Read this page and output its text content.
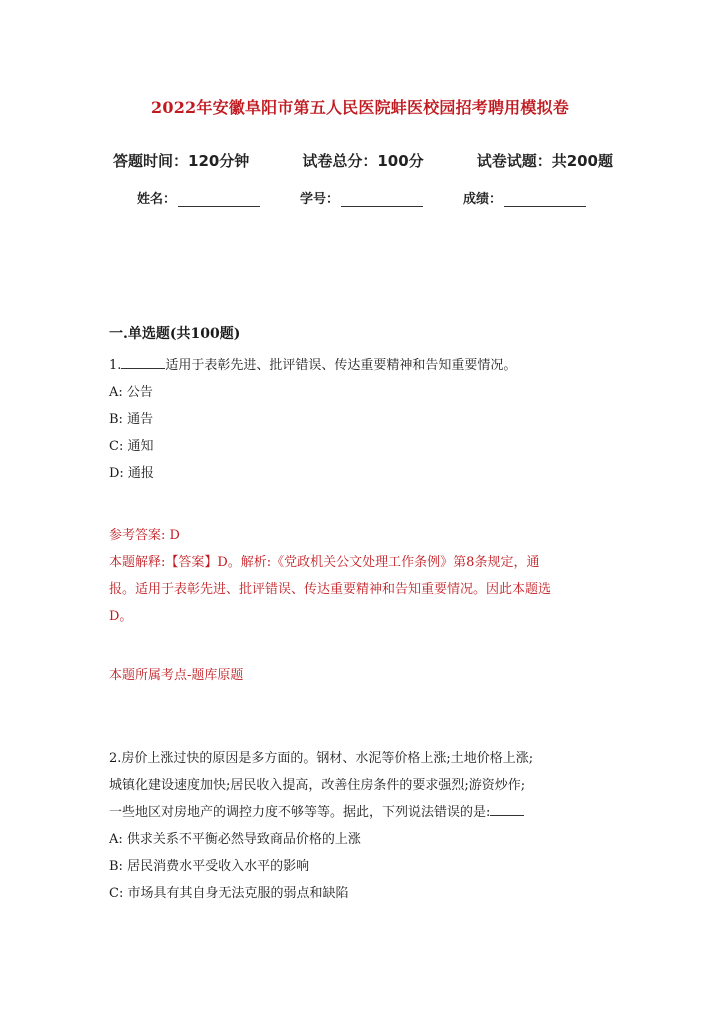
2022年安徽阜阳市第五人民医院蚌医校园招考聘用模拟卷
答题时间：120分钟	试卷总分：100分	试卷试题：共200题
姓名：	学号：	成绩：
一.单选题(共100题)
1.	适用于表彰先进、批评错误、传达重要精神和告知重要情况。
A: 公告
B: 通告
C: 通知
D: 通报
参考答案: D
本题解释:【答案】D。解析:《党政机关公文处理工作条例》第8条规定，通
报。适用于表彰先进、批评错误、传达重要精神和告知重要情况。因此本题选
D。
本题所属考点-题库原题
2.房价上涨过快的原因是多方面的。钢材、水泥等价格上涨;土地价格上涨;
城镇化建设速度加快;居民收入提高，改善住房条件的要求强烈;游资炒作;
一些地区对房地产的调控力度不够等等。据此，下列说法错误的是:
A: 供求关系不平衡必然导致商品价格的上涨
B: 居民消费水平受收入水平的影响
C: 市场具有其自身无法克服的弱点和缺陷
